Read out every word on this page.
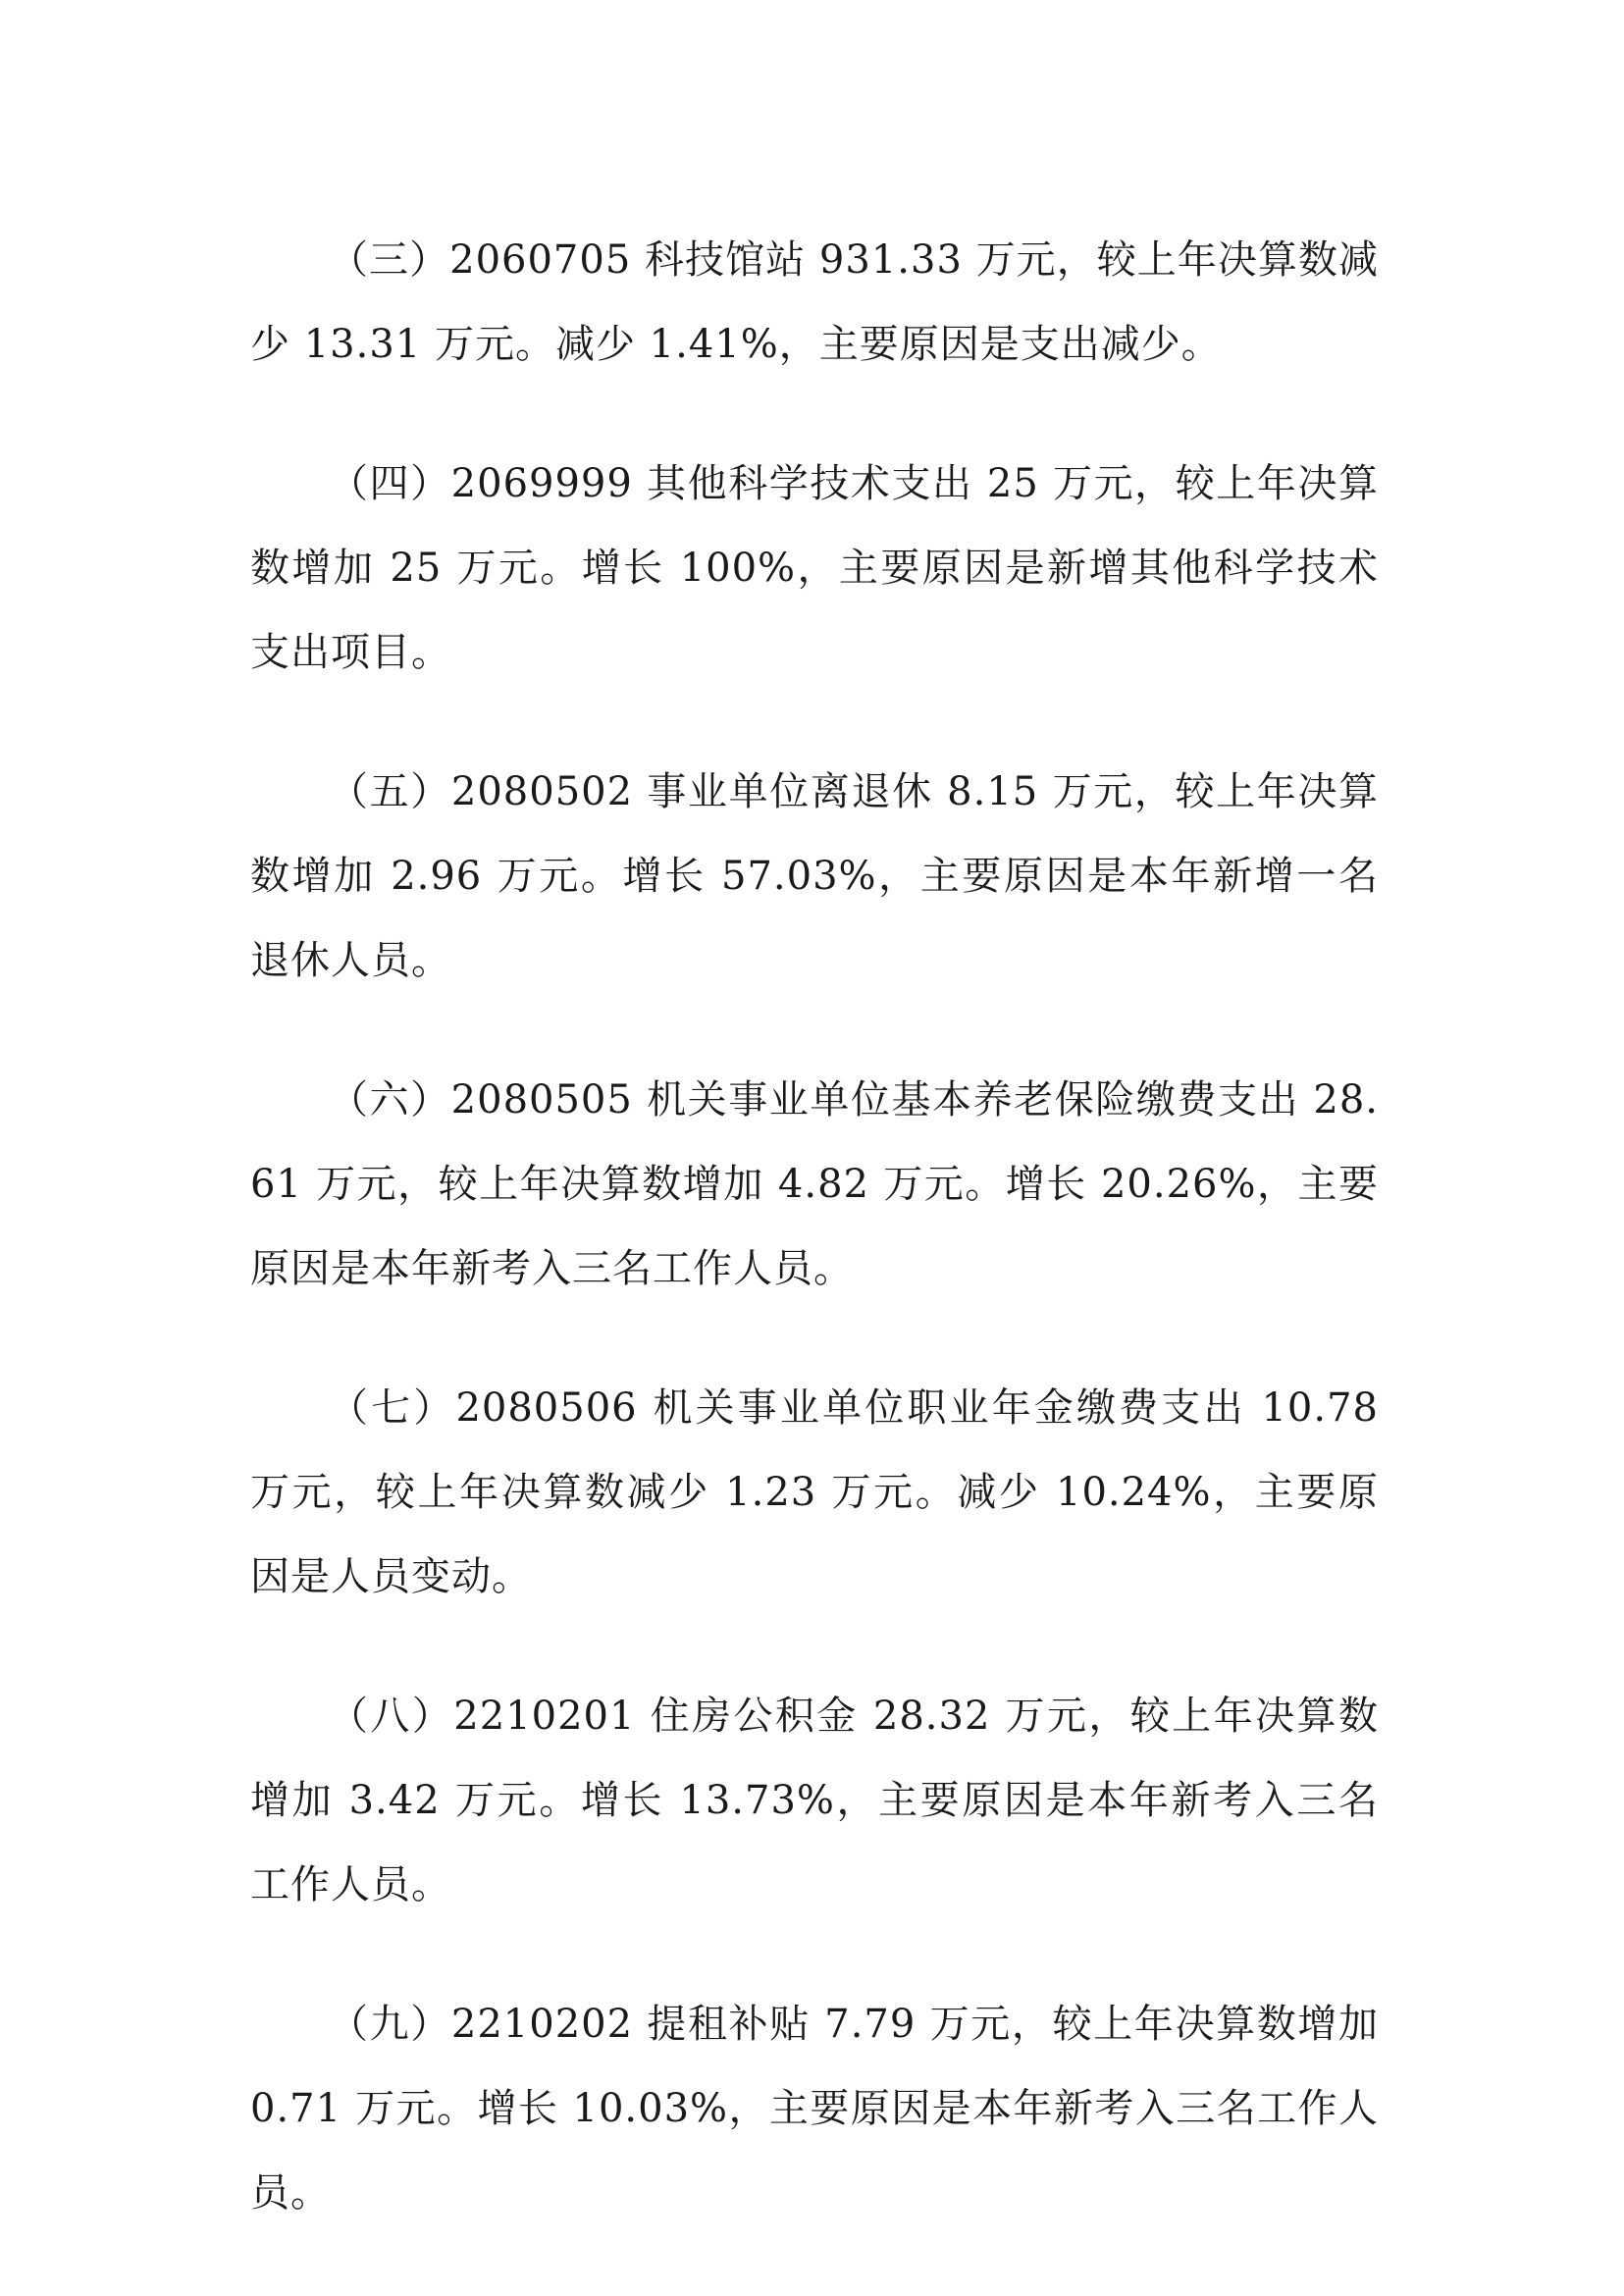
（三）2060705 科技馆站 931.33 万元，较上年决算数减少 13.31 万元。减少 1.41%，主要原因是支出减少。

（四）2069999 其他科学技术支出 25 万元，较上年决算数增加 25 万元。增长 100%，主要原因是新增其他科学技术支出项目。

（五）2080502 事业单位离退休 8.15 万元，较上年决算数增加 2.96 万元。增长 57.03%，主要原因是本年新增一名退休人员。

（六）2080505 机关事业单位基本养老保险缴费支出 28.61 万元，较上年决算数增加 4.82 万元。增长 20.26%，主要原因是本年新考入三名工作人员。

（七）2080506 机关事业单位职业年金缴费支出 10.78 万元，较上年决算数减少 1.23 万元。减少 10.24%，主要原因是人员变动。

（八）2210201 住房公积金 28.32 万元，较上年决算数增加 3.42 万元。增长 13.73%，主要原因是本年新考入三名工作人员。

（九）2210202 提租补贴 7.79 万元，较上年决算数增加 0.71 万元。增长 10.03%，主要原因是本年新考入三名工作人员。
